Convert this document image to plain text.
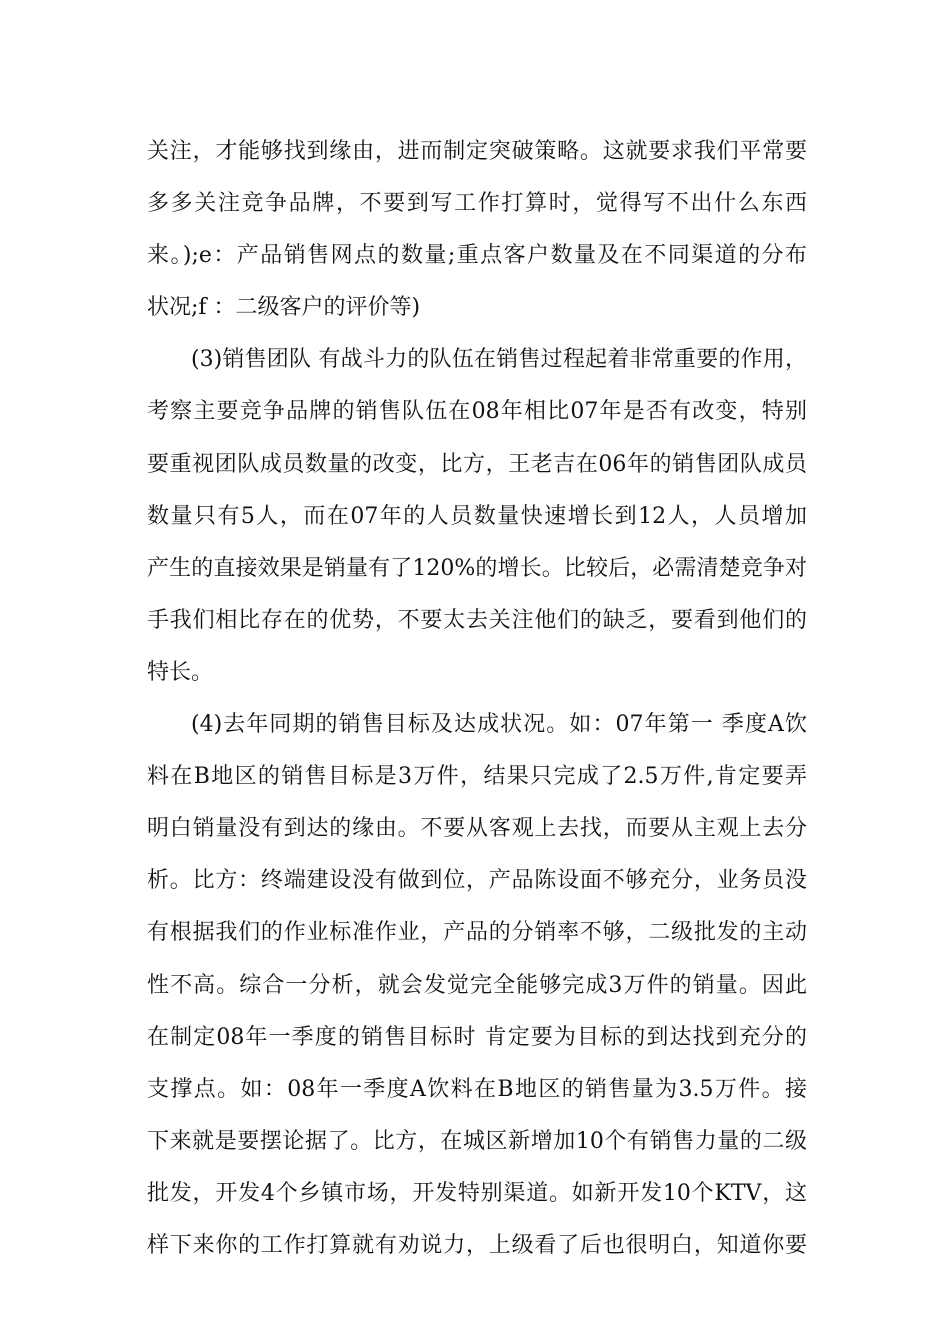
关注，才能够找到缘由，进而制定突破策略。这就要求我们平常要
多多关注竞争品牌，不要到写工作打算时，觉得写不出什么东西
来。);e：产品销售网点的数量;重点客户数量及在不同渠道的分布
状况;f ：二级客户的评价等)
(3)销售团队 有战斗力的队伍在销售过程起着非常重要的作用，
考察主要竞争品牌的销售队伍在08年相比07年是否有改变，特别
要重视团队成员数量的改变，比方，王老吉在06年的销售团队成员
数量只有5人，而在07年的人员数量快速增长到12人，人员增加
产生的直接效果是销量有了120%的增长。比较后，必需清楚竞争对
手我们相比存在的优势，不要太去关注他们的缺乏，要看到他们的
特长。
(4)去年同期的销售目标及达成状况。如：07年第一 季度A饮
料在B地区的销售目标是3万件，结果只完成了2.5万件,肯定要弄
明白销量没有到达的缘由。不要从客观上去找，而要从主观上去分
析。比方：终端建设没有做到位，产品陈设面不够充分，业务员没
有根据我们的作业标准作业，产品的分销率不够，二级批发的主动
性不高。综合一分析，就会发觉完全能够完成3万件的销量。因此
在制定08年一季度的销售目标时 肯定要为目标的到达找到充分的
支撑点。如：08年一季度A饮料在B地区的销售量为3.5万件。接
下来就是要摆论据了。比方，在城区新增加10个有销售力量的二级
批发，开发4个乡镇市场，开发特别渠道。如新开发10个KTV，这
样下来你的工作打算就有劝说力，上级看了后也很明白，知道你要
